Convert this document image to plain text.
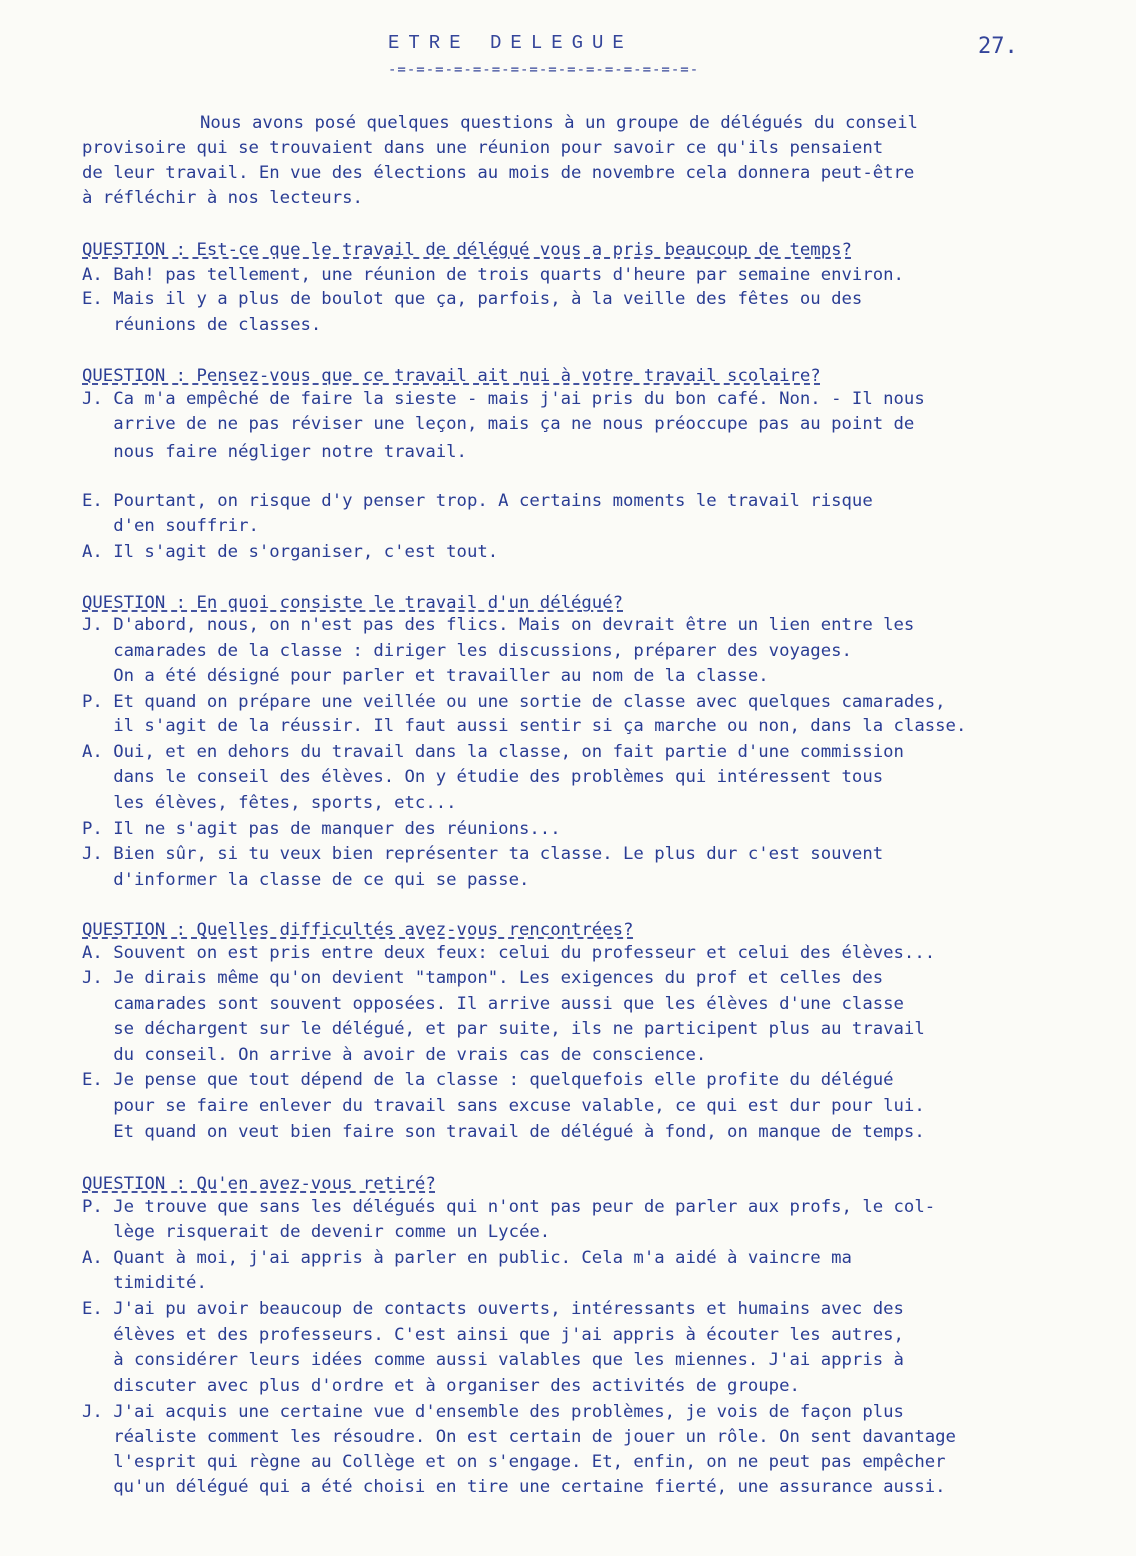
ETRE DELEGUE
-=-=-=-=-=-=-=-=-=-=-=-=-=-=-=-=-
27.
Nous avons posé quelques questions à un groupe de délégués du conseil
provisoire qui se trouvaient dans une réunion pour savoir ce qu'ils pensaient
de leur travail. En vue des élections au mois de novembre cela donnera peut-être
à réfléchir à nos lecteurs.
QUESTION : Est-ce que le travail de délégué vous a pris beaucoup de temps?
A. Bah! pas tellement, une réunion de trois quarts d'heure par semaine environ.
E. Mais il y a plus de boulot que ça, parfois, à la veille des fêtes ou des
réunions de classes.
QUESTION : Pensez-vous que ce travail ait nui à votre travail scolaire?
J. Ca m'a empêché de faire la sieste - mais j'ai pris du bon café. Non. - Il nous
arrive de ne pas réviser une leçon, mais ça ne nous préoccupe pas au point de
nous faire négliger notre travail.
E. Pourtant, on risque d'y penser trop. A certains moments le travail risque
d'en souffrir.
A. Il s'agit de s'organiser, c'est tout.
QUESTION : En quoi consiste le travail d'un délégué?
J. D'abord, nous, on n'est pas des flics. Mais on devrait être un lien entre les
camarades de la classe : diriger les discussions, préparer des voyages.
On a été désigné pour parler et travailler au nom de la classe.
P. Et quand on prépare une veillée ou une sortie de classe avec quelques camarades,
il s'agit de la réussir. Il faut aussi sentir si ça marche ou non, dans la classe.
A. Oui, et en dehors du travail dans la classe, on fait partie d'une commission
dans le conseil des élèves. On y étudie des problèmes qui intéressent tous
les élèves, fêtes, sports, etc...
P. Il ne s'agit pas de manquer des réunions...
J. Bien sûr, si tu veux bien représenter ta classe. Le plus dur c'est souvent
d'informer la classe de ce qui se passe.
QUESTION : Quelles difficultés avez-vous rencontrées?
A. Souvent on est pris entre deux feux: celui du professeur et celui des élèves...
J. Je dirais même qu'on devient "tampon". Les exigences du prof et celles des
camarades sont souvent opposées. Il arrive aussi que les élèves d'une classe
se déchargent sur le délégué, et par suite, ils ne participent plus au travail
du conseil. On arrive à avoir de vrais cas de conscience.
E. Je pense que tout dépend de la classe : quelquefois elle profite du délégué
pour se faire enlever du travail sans excuse valable, ce qui est dur pour lui.
Et quand on veut bien faire son travail de délégué à fond, on manque de temps.
QUESTION : Qu'en avez-vous retiré?
P. Je trouve que sans les délégués qui n'ont pas peur de parler aux profs, le col-
lège risquerait de devenir comme un Lycée.
A. Quant à moi, j'ai appris à parler en public. Cela m'a aidé à vaincre ma
timidité.
E. J'ai pu avoir beaucoup de contacts ouverts, intéressants et humains avec des
élèves et des professeurs. C'est ainsi que j'ai appris à écouter les autres,
à considérer leurs idées comme aussi valables que les miennes. J'ai appris à
discuter avec plus d'ordre et à organiser des activités de groupe.
J. J'ai acquis une certaine vue d'ensemble des problèmes, je vois de façon plus
réaliste comment les résoudre. On est certain de jouer un rôle. On sent davantage
l'esprit qui règne au Collège et on s'engage. Et, enfin, on ne peut pas empêcher
qu'un délégué qui a été choisi en tire une certaine fierté, une assurance aussi.
